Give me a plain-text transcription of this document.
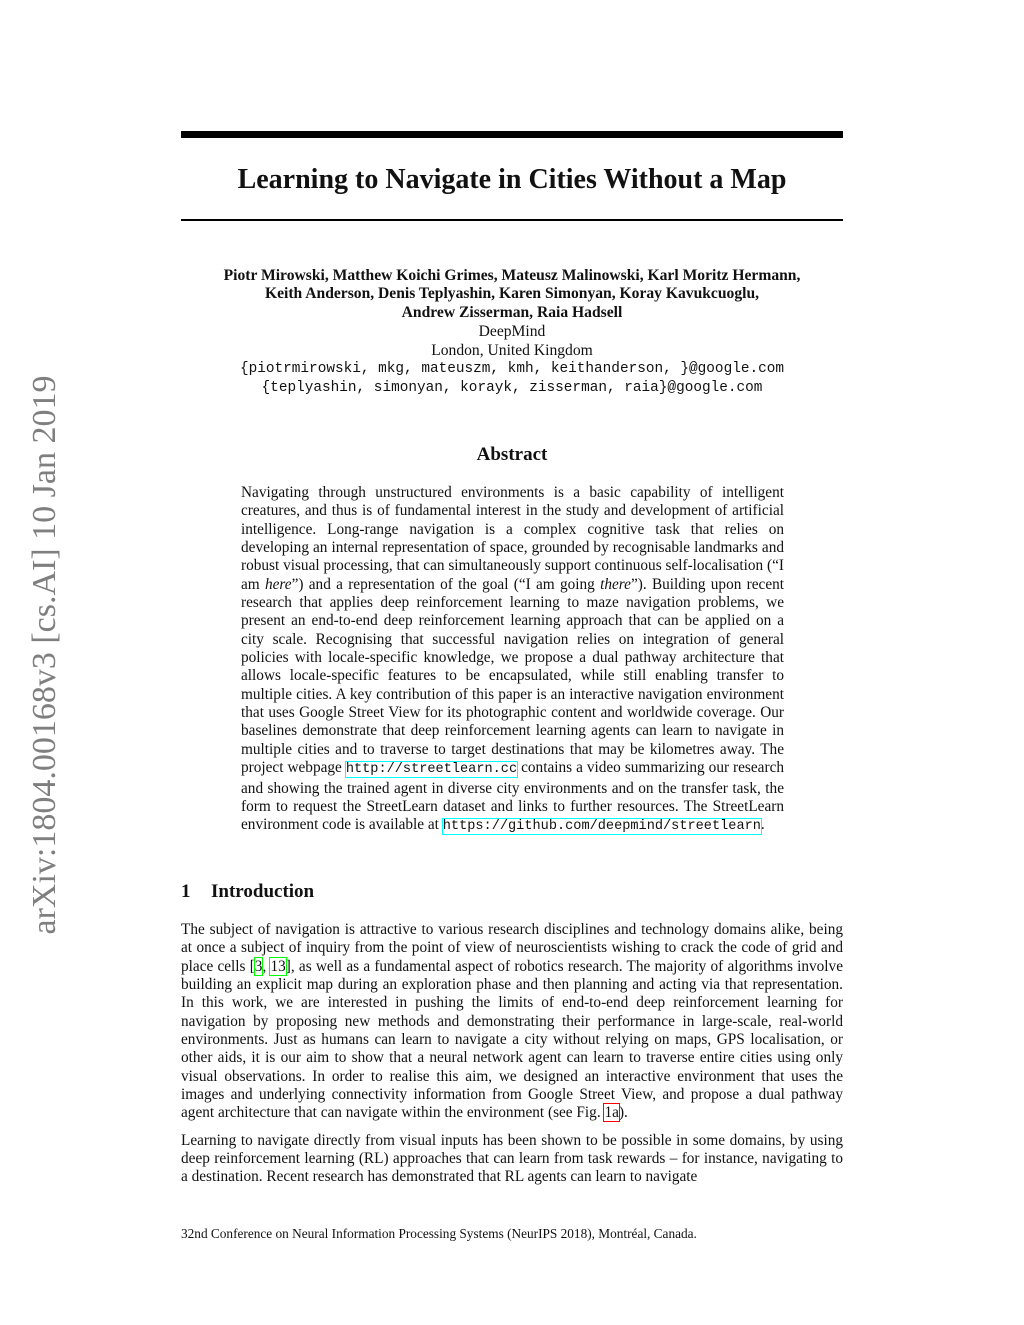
arXiv:1804.00168v3 [cs.AI] 10 Jan 2019
Learning to Navigate in Cities Without a Map
Piotr Mirowski, Matthew Koichi Grimes, Mateusz Malinowski, Karl Moritz Hermann,
Keith Anderson, Denis Teplyashin, Karen Simonyan, Koray Kavukcuoglu,
Andrew Zisserman, Raia Hadsell
DeepMind
London, United Kingdom
{piotrmirowski, mkg, mateuszm, kmh, keithanderson, }@google.com
{teplyashin, simonyan, korayk, zisserman, raia}@google.com
Abstract

Navigating through unstructured environments is a basic capability of intelligent creatures, and thus is of fundamental interest in the study and development of artificial intelligence. Long-range navigation is a complex cognitive task that relies on developing an internal representation of space, grounded by recognisable landmarks and robust visual processing, that can simultaneously support continuous self-localisation (“I am here”) and a representation of the goal (“I am going there”). Building upon recent research that applies deep reinforcement learning to maze navigation problems, we present an end-to-end deep reinforcement learning approach that can be applied on a city scale. Recognising that successful navigation relies on integration of general policies with locale-specific knowledge, we propose a dual pathway architecture that allows locale-specific features to be encapsulated, while still enabling transfer to multiple cities. A key contribution of this paper is an interactive navigation environment that uses Google Street View for its photographic content and worldwide coverage. Our baselines demonstrate that deep reinforcement learning agents can learn to navigate in multiple cities and to traverse to target destinations that may be kilometres away. The project webpage http://streetlearn.cc contains a video summarizing our research and showing the trained agent in diverse city environments and on the transfer task, the form to request the StreetLearn dataset and links to further resources. The StreetLearn environment code is available at https://github.com/deepmind/streetlearn.

1 Introduction

The subject of navigation is attractive to various research disciplines and technology domains alike, being at once a subject of inquiry from the point of view of neuroscientists wishing to crack the code of grid and place cells [3, 13], as well as a fundamental aspect of robotics research. The majority of algorithms involve building an explicit map during an exploration phase and then planning and acting via that representation. In this work, we are interested in pushing the limits of end-to-end deep reinforcement learning for navigation by proposing new methods and demonstrating their performance in large-scale, real-world environments. Just as humans can learn to navigate a city without relying on maps, GPS localisation, or other aids, it is our aim to show that a neural network agent can learn to traverse entire cities using only visual observations. In order to realise this aim, we designed an interactive environment that uses the images and underlying connectivity information from Google Street View, and propose a dual pathway agent architecture that can navigate within the environment (see Fig. 1a).

Learning to navigate directly from visual inputs has been shown to be possible in some domains, by using deep reinforcement learning (RL) approaches that can learn from task rewards – for instance, navigating to a destination. Recent research has demonstrated that RL agents can learn to navigate

32nd Conference on Neural Information Processing Systems (NeurIPS 2018), Montréal, Canada.
